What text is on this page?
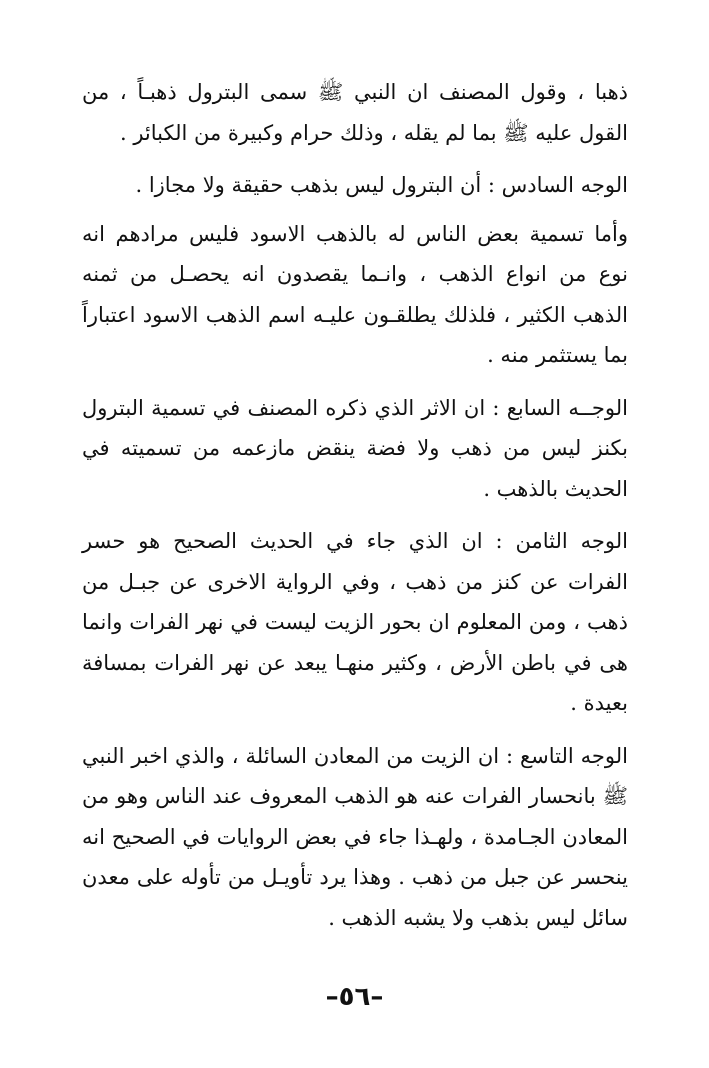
ذهبا ، وقول المصنف ان النبي ﷺ سمى البترول ذهبـاً ، من القول عليه ﷺ بما لم يقله ، وذلك حرام وكبيرة من الكبائر .

الوجه السادس : أن البترول ليس بذهب حقيقة ولا مجازا .

وأما تسمية بعض الناس له بالذهب الاسود فليس مرادهم انه نوع من انواع الذهب ، وانـما يقصدون انه يحصـل من ثمنه الذهب الكثير ، فلذلك يطلقـون عليـه اسم الذهب الاسود اعتباراً بما يستثمر منه .

الوجــه السابع : ان الاثر الذي ذكره المصنف في تسمية البترول بكنز ليس من ذهب ولا فضة ينقض مازعمه من تسميته في الحديث بالذهب .

الوجه الثامن : ان الذي جاء في الحديث الصحيح هو حسر الفرات عن كنز من ذهب ، وفي الرواية الاخرى عن جبـل من ذهب ، ومن المعلوم ان بحور الزيت ليست في نهر الفرات وانما هى في باطن الأرض ، وكثير منهـا يبعد عن نهر الفرات بمسافة بعيدة .

الوجه التاسع : ان الزيت من المعادن السائلة ، والذي اخبر النبي ﷺ بانحسار الفرات عنه هو الذهب المعروف عند الناس وهو من المعادن الجـامدة ، ولهـذا جاء في بعض الروايات في الصحيح انه ينحسر عن جبل من ذهب . وهذا يرد تأويـل من تأوله على معدن سائل ليس بذهب ولا يشبه الذهب .

–٥٦–
